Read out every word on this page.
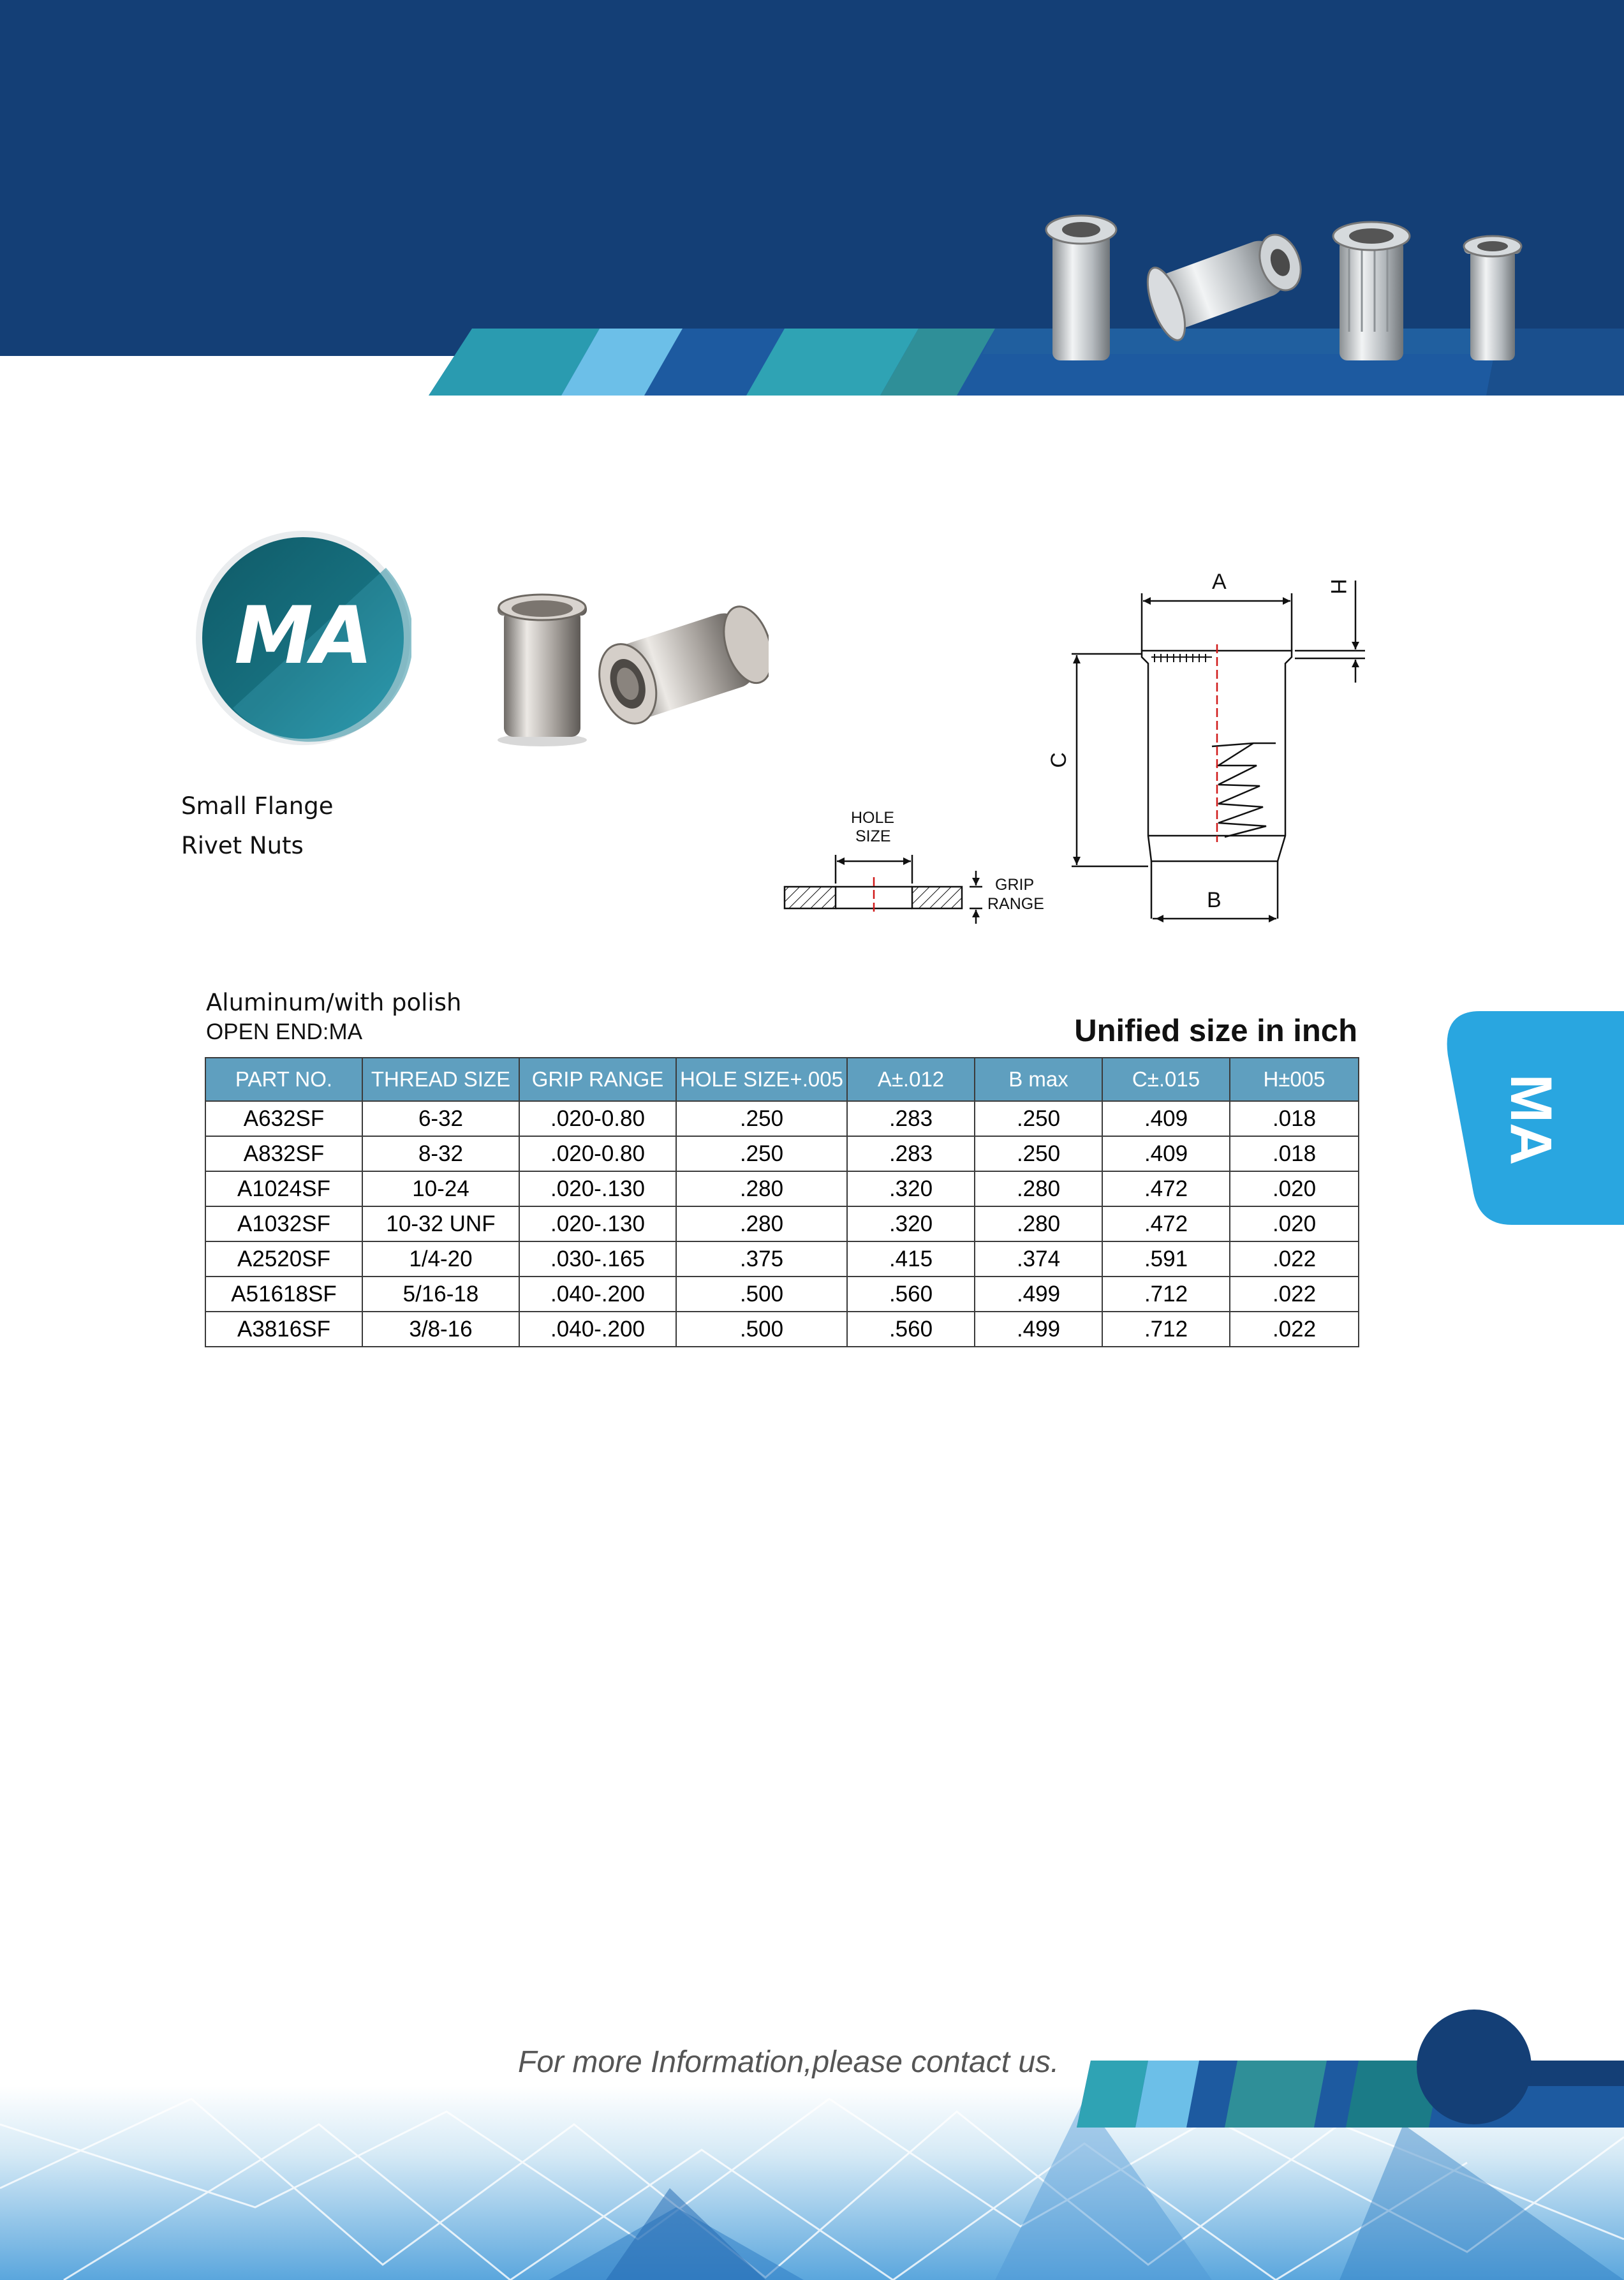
MA
Small Flange
Rivet Nuts
A
B
C
H
HOLE
SIZE
GRIP
RANGE
Aluminum/with polish
OPEN END:MA	Unified size in inch
PART NO.	THREAD SIZE	GRIP RANGE	HOLE SIZE+.005	A±.012	B max	C±.015	H±005
A632SF	6-32	.020-0.80	.250	.283	.250	.409	.018
A832SF	8-32	.020-0.80	.250	.283	.250	.409	.018
A1024SF	10-24	.020-.130	.280	.320	.280	.472	.020
A1032SF	10-32 UNF	.020-.130	.280	.320	.280	.472	.020
A2520SF	1/4-20	.030-.165	.375	.415	.374	.591	.022
A51618SF	5/16-18	.040-.200	.500	.560	.499	.712	.022
A3816SF	3/8-16	.040-.200	.500	.560	.499	.712	.022
MA
For more Information,please contact us.
